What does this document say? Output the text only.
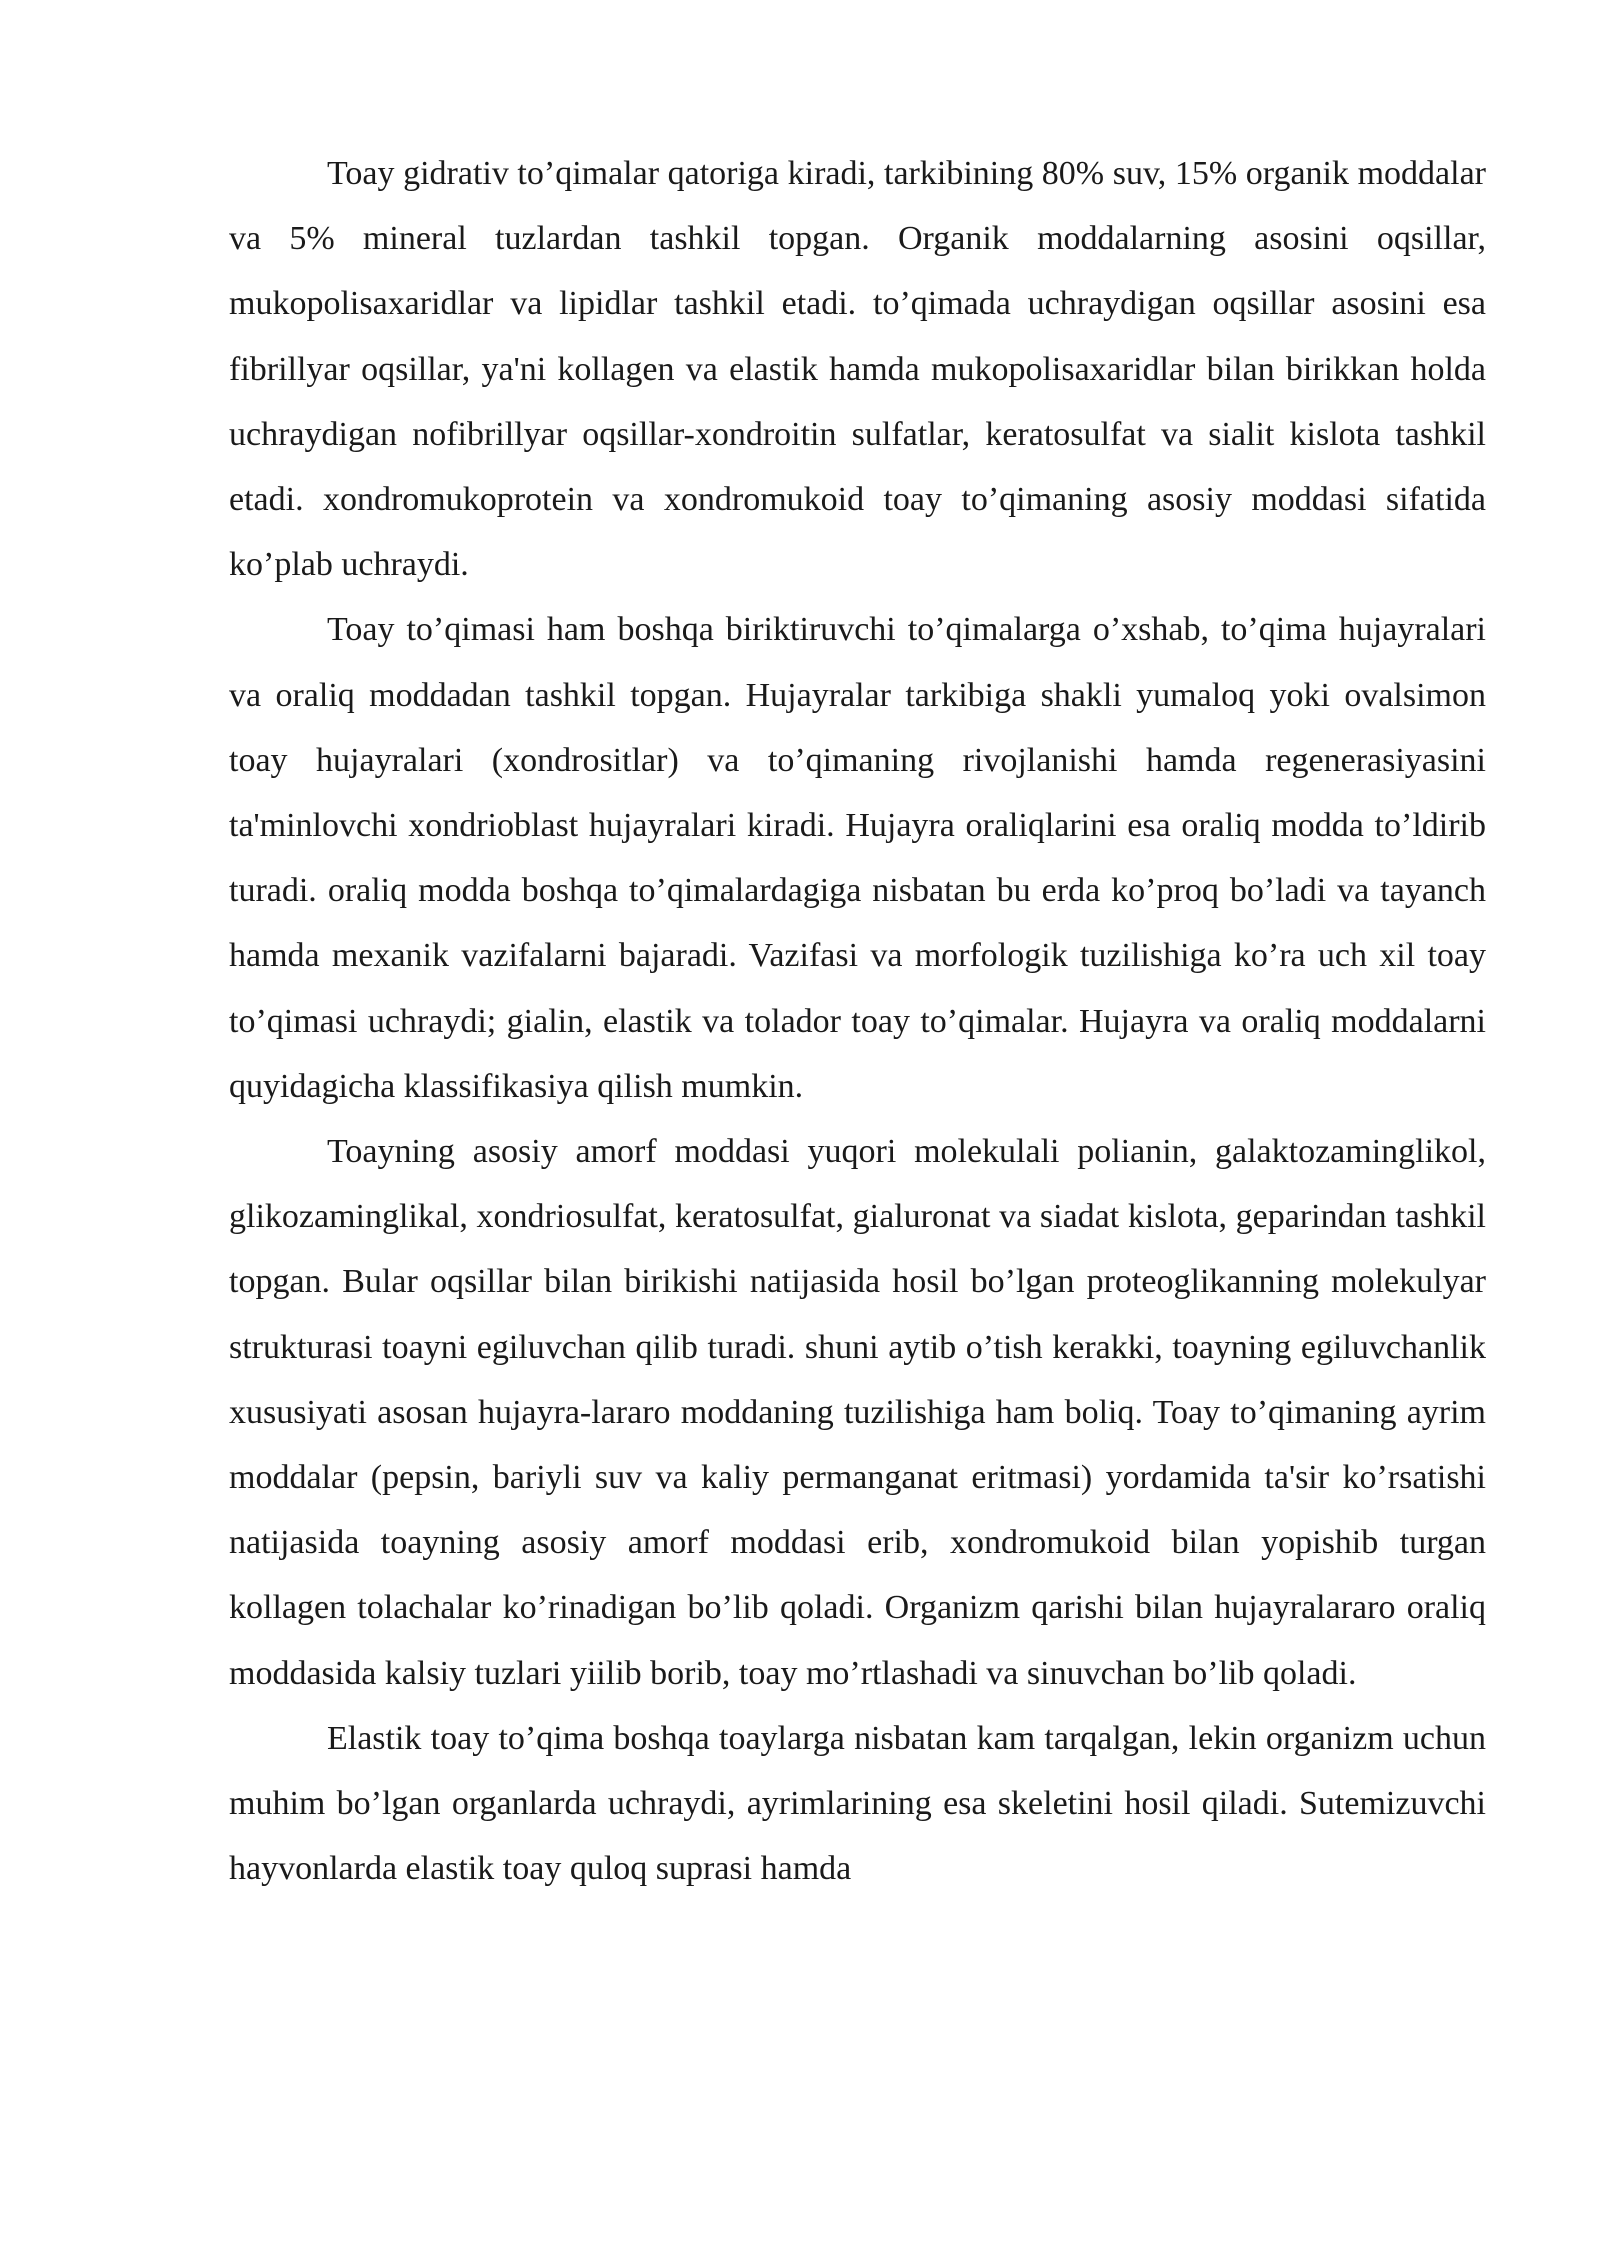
Toay gidrativ to’qimalar qatoriga kiradi, tarkibining 80% suv, 15% organik moddalar va 5% mineral tuzlardan tashkil topgan. Organik moddalarning asosini oqsillar, mukopolisaxaridlar va lipidlar tashkil etadi. to’qimada uchraydigan oqsillar asosini esa fibrillyar oqsillar, ya'ni kollagen va elastik hamda mukopolisaxaridlar bilan birikkan holda uchraydigan nofibrillyar oqsillar-xondroitin sulfatlar, keratosulfat va sialit kislota tashkil etadi. xondromukoprotein va xondromukoid toay to’qimaning asosiy moddasi sifatida ko’plab uchraydi.

Toay to’qimasi ham boshqa biriktiruvchi to’qimalarga o’xshab, to’qima hujayralari va oraliq moddadan tashkil topgan. Hujayralar tarkibiga shakli yumaloq yoki ovalsimon toay hujayralari (xondrositlar) va to’qimaning rivojlanishi hamda regenerasiyasini ta'minlovchi xondrioblast hujayralari kiradi. Hujayra oraliqlarini esa oraliq modda to’ldirib turadi. oraliq modda boshqa to’qimalardagiga nisbatan bu erda ko’proq bo’ladi va tayanch hamda mexanik vazifalarni bajaradi. Vazifasi va morfologik tuzilishiga ko’ra uch xil toay to’qimasi uchraydi; gialin, elastik va tolador toay to’qimalar. Hujayra va oraliq moddalarni quyidagicha klassifikasiya qilish mumkin.

Toayning asosiy amorf moddasi yuqori molekulali polianin, galaktozaminglikol, glikozaminglikal, xondriosulfat, keratosulfat, gialuronat va siadat kislota, geparindan tashkil topgan. Bular oqsillar bilan birikishi natijasida hosil bo’lgan proteoglikanning molekulyar strukturasi toayni egiluvchan qilib turadi. shuni aytib o’tish kerakki, toayning egiluvchanlik xususiyati asosan hujayra-lararo moddaning tuzilishiga ham boliq. Toay to’qimaning ayrim moddalar (pepsin, bariyli suv va kaliy permanganat eritmasi) yordamida ta'sir ko’rsatishi natijasida toayning asosiy amorf moddasi erib, xondromukoid bilan yopishib turgan kollagen tolachalar ko’rinadigan bo’lib qoladi. Organizm qarishi bilan hujayralararo oraliq moddasida kalsiy tuzlari yiilib borib, toay mo’rtlashadi va sinuvchan bo’lib qoladi.

Elastik toay to’qima boshqa toaylarga nisbatan kam tarqalgan, lekin organizm uchun muhim bo’lgan organlarda uchraydi, ayrimlarining esa skeletini hosil qiladi. Sutemizuvchi hayvonlarda elastik toay quloq suprasi hamda
